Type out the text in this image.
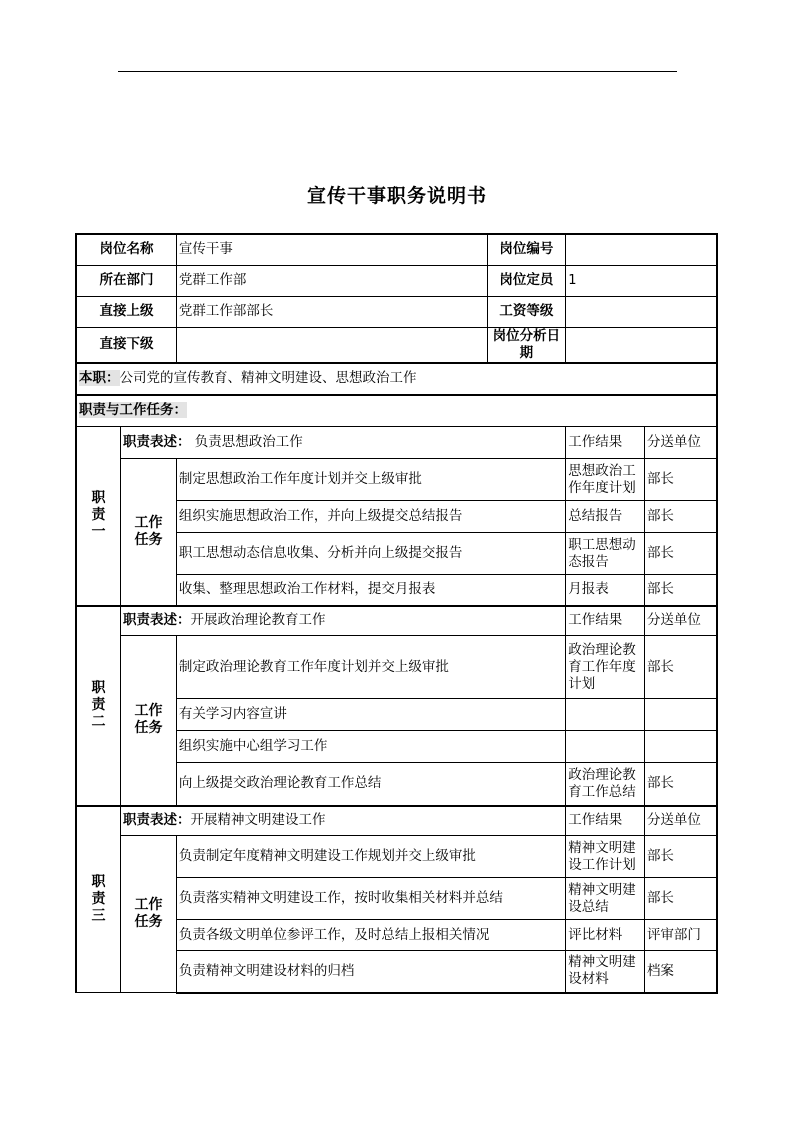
宣传干事职务说明书
岗位名称		宣传干事	岗位编号		
所在部门		党群工作部	岗位定员	1	
直接上级		党群工作部部长	工资等级		
直接下级			岗位分析日期		
本职：公司党的宣传教育、精神文明建设、思想政治工作					
职责与工作任务：					
职
责
一	职责表述： 负责思想政治工作			工作结果	分送单位
	工作
任务	制定思想政治工作年度计划并交上级审批		思想政治工作年度计划	部长
		组织实施思想政治工作，并向上级提交总结报告		总结报告	部长
		职工思想动态信息收集、分析并向上级提交报告		职工思想动态报告	部长
		收集、整理思想政治工作材料，提交月报表		月报表	部长
职
责
二	职责表述：开展政治理论教育工作			工作结果	分送单位
	工作
任务	制定政治理论教育工作年度计划并交上级审批		政治理论教育工作年度计划	部长
		有关学习内容宣讲			
		组织实施中心组学习工作			
		向上级提交政治理论教育工作总结		政治理论教育工作总结	部长
职
责
三	职责表述：开展精神文明建设工作			工作结果	分送单位
	工作
任务	负责制定年度精神文明建设工作规划并交上级审批		精神文明建设工作计划	部长
		负责落实精神文明建设工作，按时收集相关材料并总结		精神文明建设总结	部长
		负责各级文明单位参评工作，及时总结上报相关情况		评比材料	评审部门
		负责精神文明建设材料的归档		精神文明建设材料	档案
